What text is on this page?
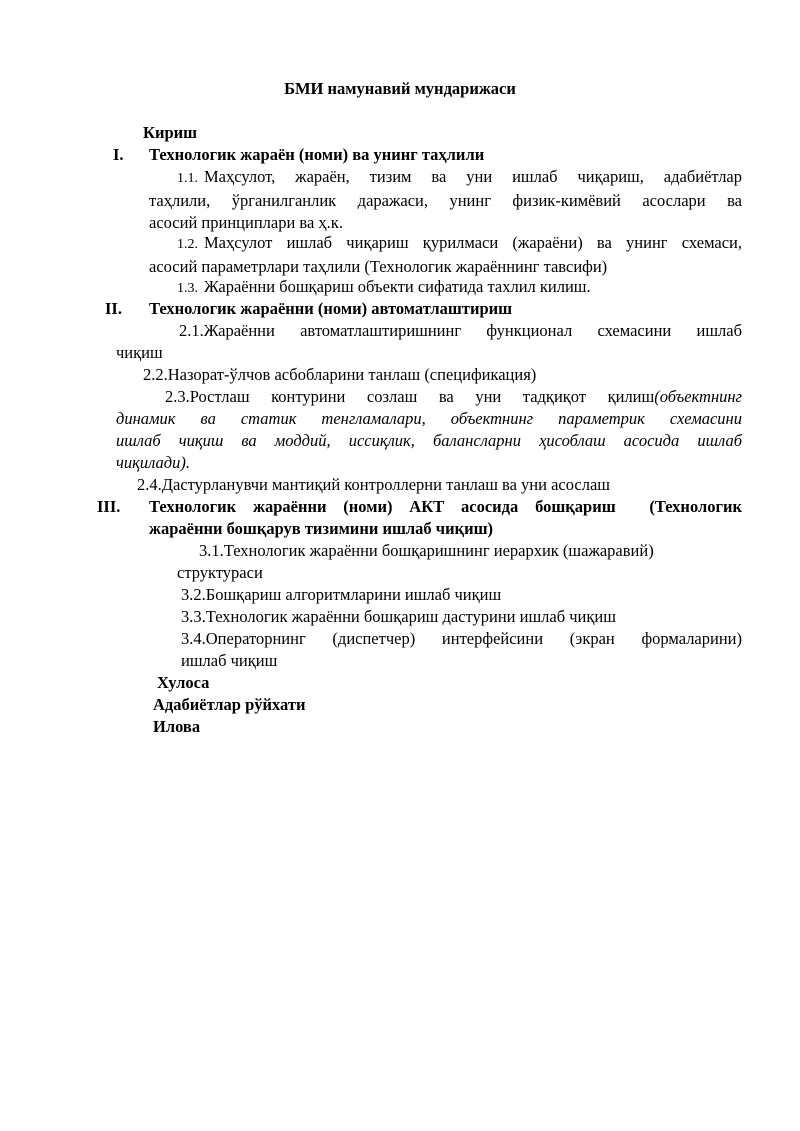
БМИ намунавий мундарижаси
Кириш
I. Технологик жараён (номи) ва унинг таҳлили
1.1. Маҳсулот, жараён, тизим ва уни ишлаб чиқариш, адабиётлар
таҳлили, ўрганилганлик даражаси, унинг физик-кимёвий асослари ва
асосий принциплари ва ҳ.к.
1.2. Маҳсулот ишлаб чиқариш қурилмаси (жараёни) ва унинг схемаси,
асосий параметрлари таҳлили (Технологик жараённинг тавсифи)
1.3. Жараённи бошқариш объекти сифатида тахлил килиш.
II. Технологик жараённи (номи) автоматлаштириш
2.1.Жараённи автоматлаштиришнинг функционал схемасини ишлаб
чиқиш
2.2.Назорат-ўлчов асбобларини танлаш (спецификация)
2.3.Ростлаш контурини созлаш ва уни тадқиқот қилиш(объектнинг
динамик ва статик тенгламалари, объектнинг параметрик схемасини
ишлаб чиқиш ва моддий, иссиқлик, балансларни ҳисоблаш асосида ишлаб
чиқилади).
2.4.Дастурланувчи мантиқий контроллерни танлаш ва уни асослаш
III. Технологик жараённи (номи) АКТ асосида бошқариш  (Технологик
жараённи бошқарув тизимини ишлаб чиқиш)
3.1.Технологик жараённи бошқаришнинг иерархик (шажаравий)
структураси
3.2.Бошқариш алгоритмларини ишлаб чиқиш
3.3.Технологик жараённи бошқариш дастурини ишлаб чиқиш
3.4.Операторнинг (диспетчер) интерфейсини (экран формаларини)
ишлаб чиқиш
Хулоса
Адабиётлар рўйхати
Илова
